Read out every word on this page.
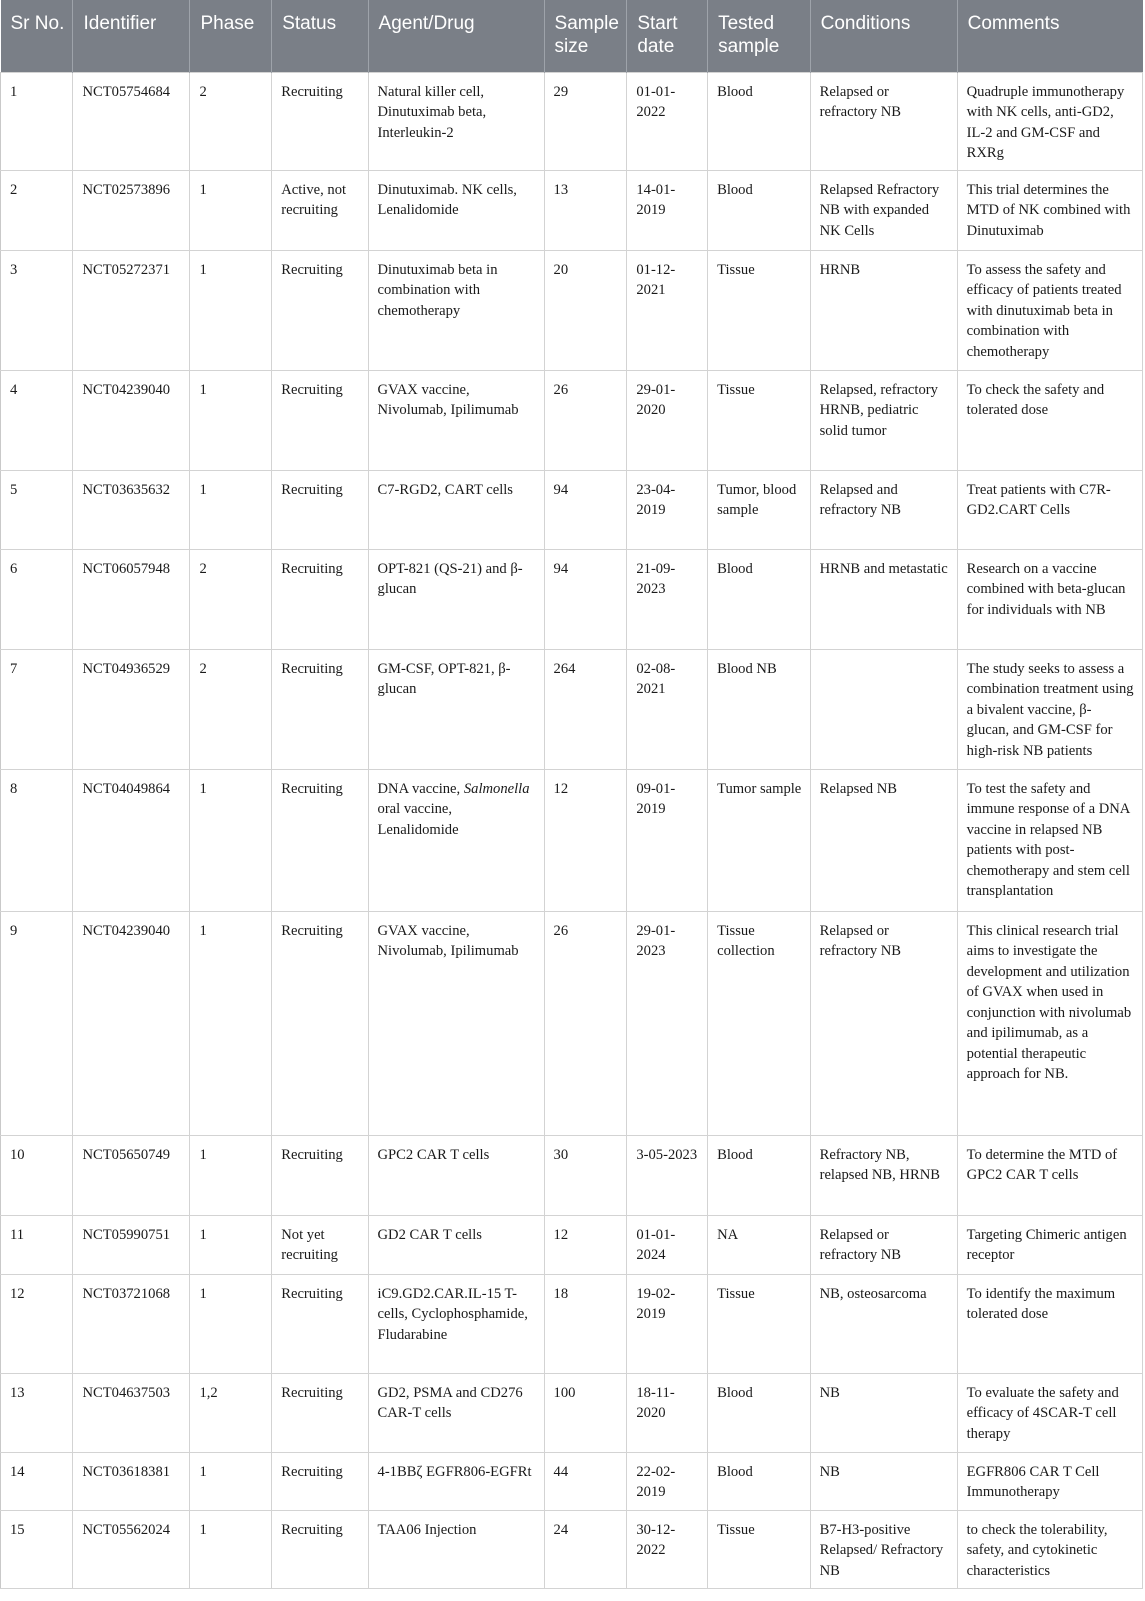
Sr No.	Identifier	Phase	Status	Agent/Drug	Sample size	Start date	Tested sample	Conditions	Comments
1	NCT05754684	2	Recruiting	Natural killer cell, Dinutuximab beta, Interleukin-2	29	01-01-2022	Blood	Relapsed or refractory NB	Quadruple immunotherapy with NK cells, anti-GD2, IL-2 and GM-CSF and RXRg
2	NCT02573896	1	Active, not recruiting	Dinutuximab. NK cells, Lenalidomide	13	14-01-2019	Blood	Relapsed Refractory NB with expanded NK Cells	This trial determines the MTD of NK combined with Dinutuximab
3	NCT05272371	1	Recruiting	Dinutuximab beta in combination with chemotherapy	20	01-12-2021	Tissue	HRNB	To assess the safety and efficacy of patients treated with dinutuximab beta in combination with chemotherapy
4	NCT04239040	1	Recruiting	GVAX vaccine, Nivolumab, Ipilimumab	26	29-01-2020	Tissue	Relapsed, refractory HRNB, pediatric solid tumor	To check the safety and tolerated dose
5	NCT03635632	1	Recruiting	C7-RGD2, CART cells	94	23-04-2019	Tumor, blood sample	Relapsed and refractory NB	Treat patients with C7R-GD2.CART Cells
6	NCT06057948	2	Recruiting	OPT-821 (QS-21) and β-glucan	94	21-09-2023	Blood	HRNB and metastatic	Research on a vaccine combined with beta-glucan for individuals with NB
7	NCT04936529	2	Recruiting	GM-CSF, OPT-821, β-glucan	264	02-08-2021	Blood NB		The study seeks to assess a combination treatment using a bivalent vaccine, β-glucan, and GM-CSF for high-risk NB patients
8	NCT04049864	1	Recruiting	DNA vaccine, Salmonella oral vaccine, Lenalidomide	12	09-01-2019	Tumor sample	Relapsed NB	To test the safety and immune response of a DNA vaccine in relapsed NB patients with post-chemotherapy and stem cell transplantation
9	NCT04239040	1	Recruiting	GVAX vaccine, Nivolumab, Ipilimumab	26	29-01-2023	Tissue collection	Relapsed or refractory NB	This clinical research trial aims to investigate the development and utilization of GVAX when used in conjunction with nivolumab and ipilimumab, as a potential therapeutic approach for NB.
10	NCT05650749	1	Recruiting	GPC2 CAR T cells	30	3-05-2023	Blood	Refractory NB, relapsed NB, HRNB	To determine the MTD of GPC2 CAR T cells
11	NCT05990751	1	Not yet recruiting	GD2 CAR T cells	12	01-01-2024	NA	Relapsed or refractory NB	Targeting Chimeric antigen receptor
12	NCT03721068	1	Recruiting	iC9.GD2.CAR.IL-15 T-cells, Cyclophosphamide, Fludarabine	18	19-02-2019	Tissue	NB, osteosarcoma	To identify the maximum tolerated dose
13	NCT04637503	1,2	Recruiting	GD2, PSMA and CD276 CAR-T cells	100	18-11-2020	Blood	NB	To evaluate the safety and efficacy of 4SCAR-T cell therapy
14	NCT03618381	1	Recruiting	4-1BBζ EGFR806-EGFRt	44	22-02-2019	Blood	NB	EGFR806 CAR T Cell Immunotherapy
15	NCT05562024	1	Recruiting	TAA06 Injection	24	30-12-2022	Tissue	B7-H3-positive Relapsed/ Refractory NB	to check the tolerability, safety, and cytokinetic characteristics
